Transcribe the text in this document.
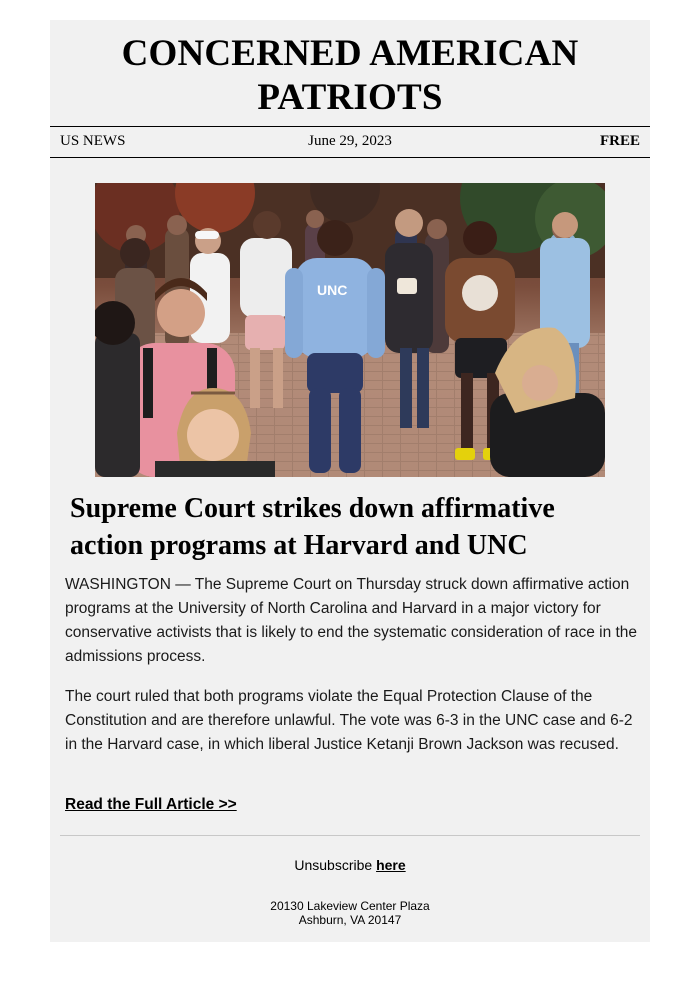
CONCERNED AMERICAN
PATRIOTS
US NEWS	June 29, 2023	FREE
UNC
Supreme Court strikes down affirmative
action programs at Harvard and UNC

WASHINGTON — The Supreme Court on Thursday struck down affirmative action programs at the University of North Carolina and Harvard in a major victory for conservative activists that is likely to end the systematic consideration of race in the admissions process.

The court ruled that both programs violate the Equal Protection Clause of the Constitution and are therefore unlawful. The vote was 6-3 in the UNC case and 6-2 in the Harvard case, in which liberal Justice Ketanji Brown Jackson was recused.

Read the Full Article >>
Unsubscribe here
20130 Lakeview Center Plaza
Ashburn, VA 20147
